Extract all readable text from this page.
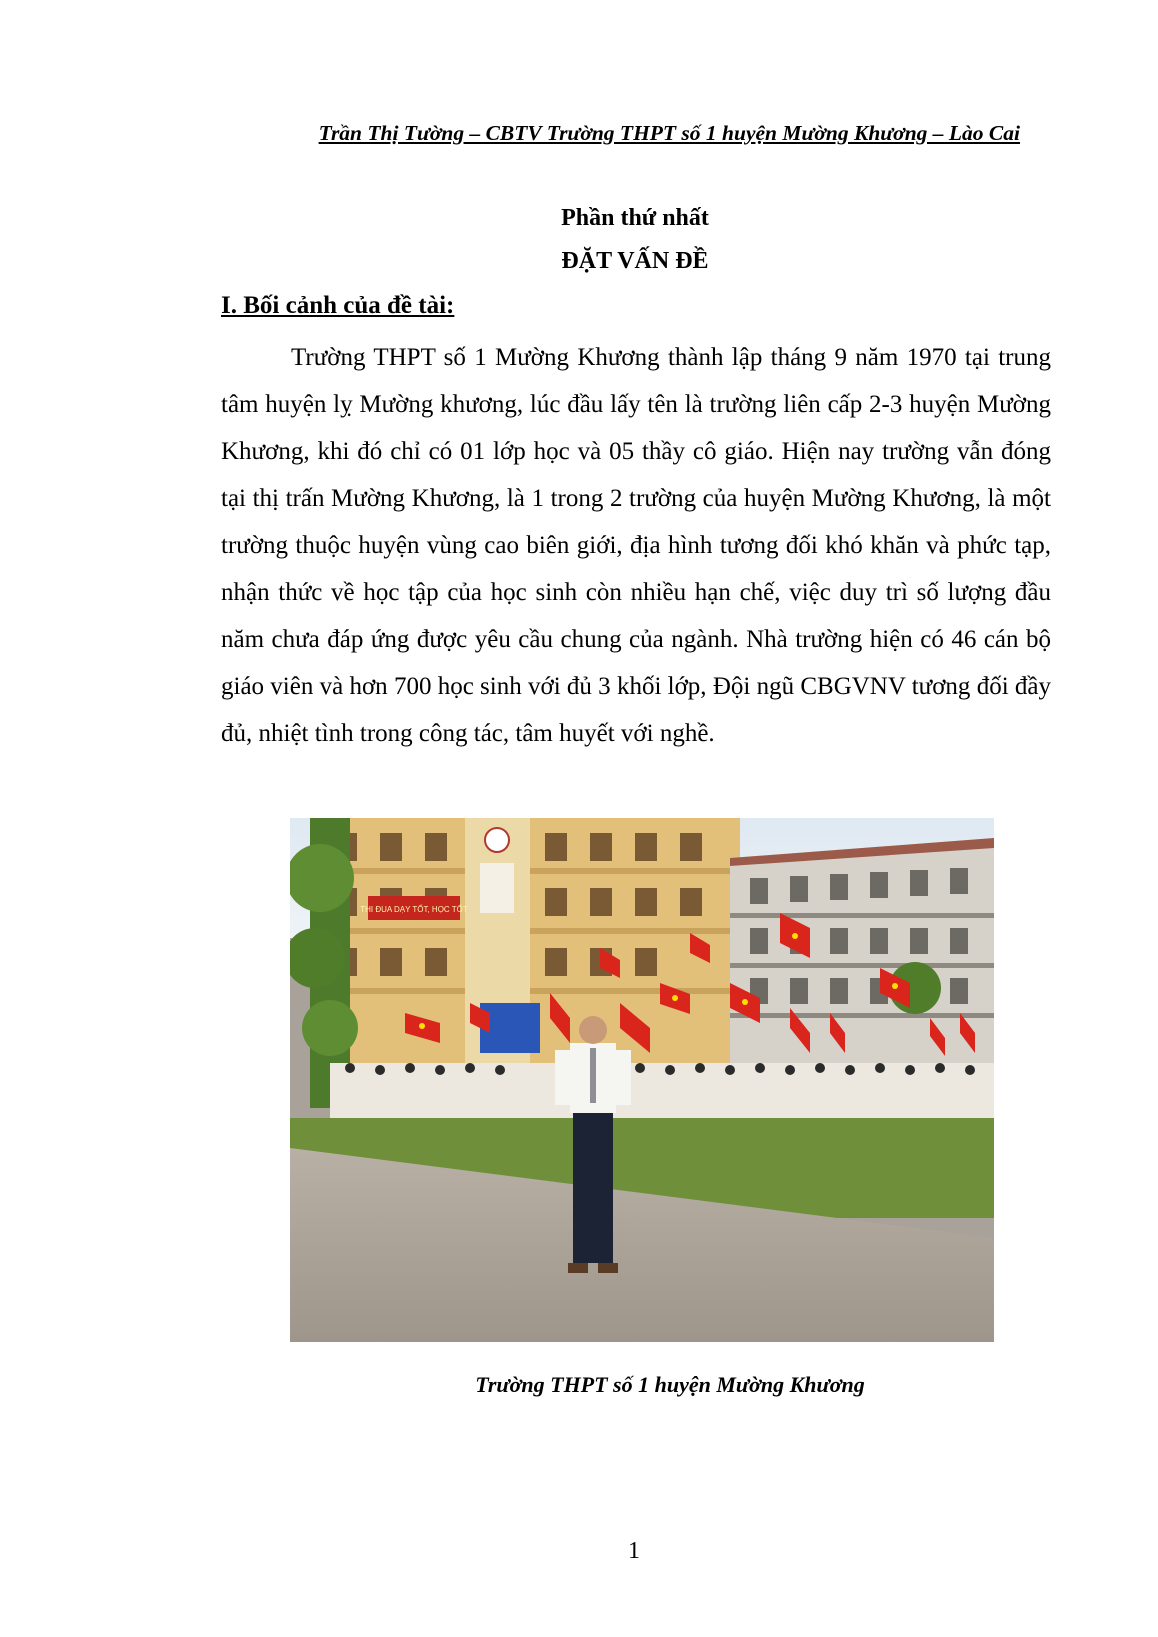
Trần Thị Tường – CBTV Trường THPT số 1 huyện Mường Khương – Lào Cai
Phần thứ nhất
ĐẶT VẤN ĐỀ
I. Bối cảnh của đề tài:

Trường THPT số 1 Mường Khương thành lập tháng 9 năm 1970 tại trung tâm huyện lỵ Mường khương, lúc đầu lấy tên là trường liên cấp 2-3 huyện Mường Khương, khi đó chỉ có 01 lớp học và 05 thầy cô giáo. Hiện nay trường vẫn đóng tại thị trấn Mường Khương, là 1 trong 2 trường của huyện Mường Khương, là một trường thuộc huyện vùng cao biên giới, địa hình tương đối khó khăn và phức tạp, nhận thức về học tập của học sinh còn nhiều hạn chế, việc duy trì số lượng đầu năm chưa đáp ứng được yêu cầu chung của ngành. Nhà trường hiện có 46 cán bộ giáo viên và hơn 700 học sinh với đủ 3 khối lớp, Đội ngũ CBGVNV tương đối đầy đủ, nhiệt tình trong công tác, tâm huyết với nghề.

THI ĐUA DẠY TỐT, HỌC TỐT
Trường THPT số 1 huyện Mường Khương
1
